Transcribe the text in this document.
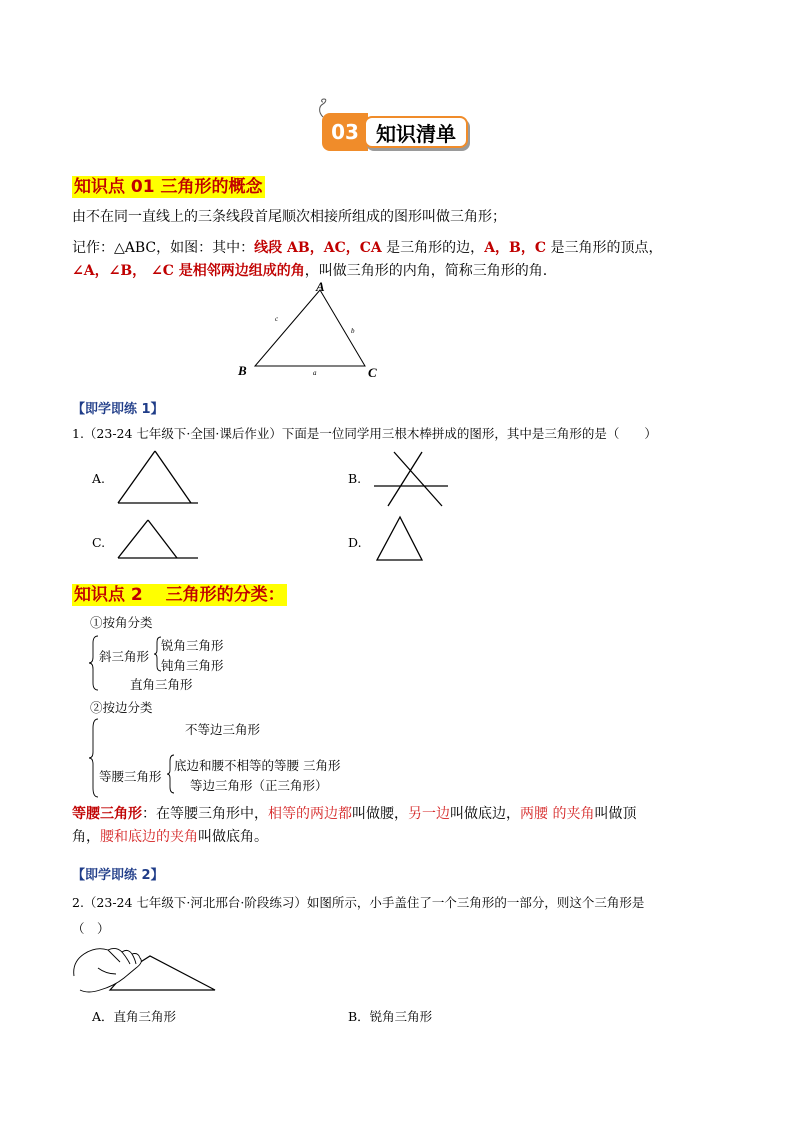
03 知识清单
知识点 01 三角形的概念
由不在同一直线上的三条线段首尾顺次相接所组成的图形叫做三角形；
记作：△ABC，如图：其中：线段 AB，AC，CA 是三角形的边，A，B，C 是三角形的顶点，
∠A，∠B， ∠C 是相邻两边组成的角，叫做三角形的内角，简称三角形的角.
A
B	C
a
b
c
【即学即练 1】
1.（23-24 七年级下·全国·课后作业）下面是一位同学用三根木棒拼成的图形，其中是三角形的是（　　）
A.	B.
C.	D.
知识点 2　 三角形的分类：
①按角分类
斜三角形
锐角三角形
钝角三角形
直角三角形
②按边分类
不等边三角形
等腰三角形
底边和腰不相等的等腰 三角形
等边三角形（正三角形）
等腰三角形：在等腰三角形中，相等的两边都叫做腰，另一边叫做底边，两腰 的夹角叫做顶
角，腰和底边的夹角叫做底角。
【即学即练 2】
2.（23-24 七年级下·河北邢台·阶段练习）如图所示，小手盖住了一个三角形的一部分，则这个三角形是
（　）
A．直角三角形	B．锐角三角形
